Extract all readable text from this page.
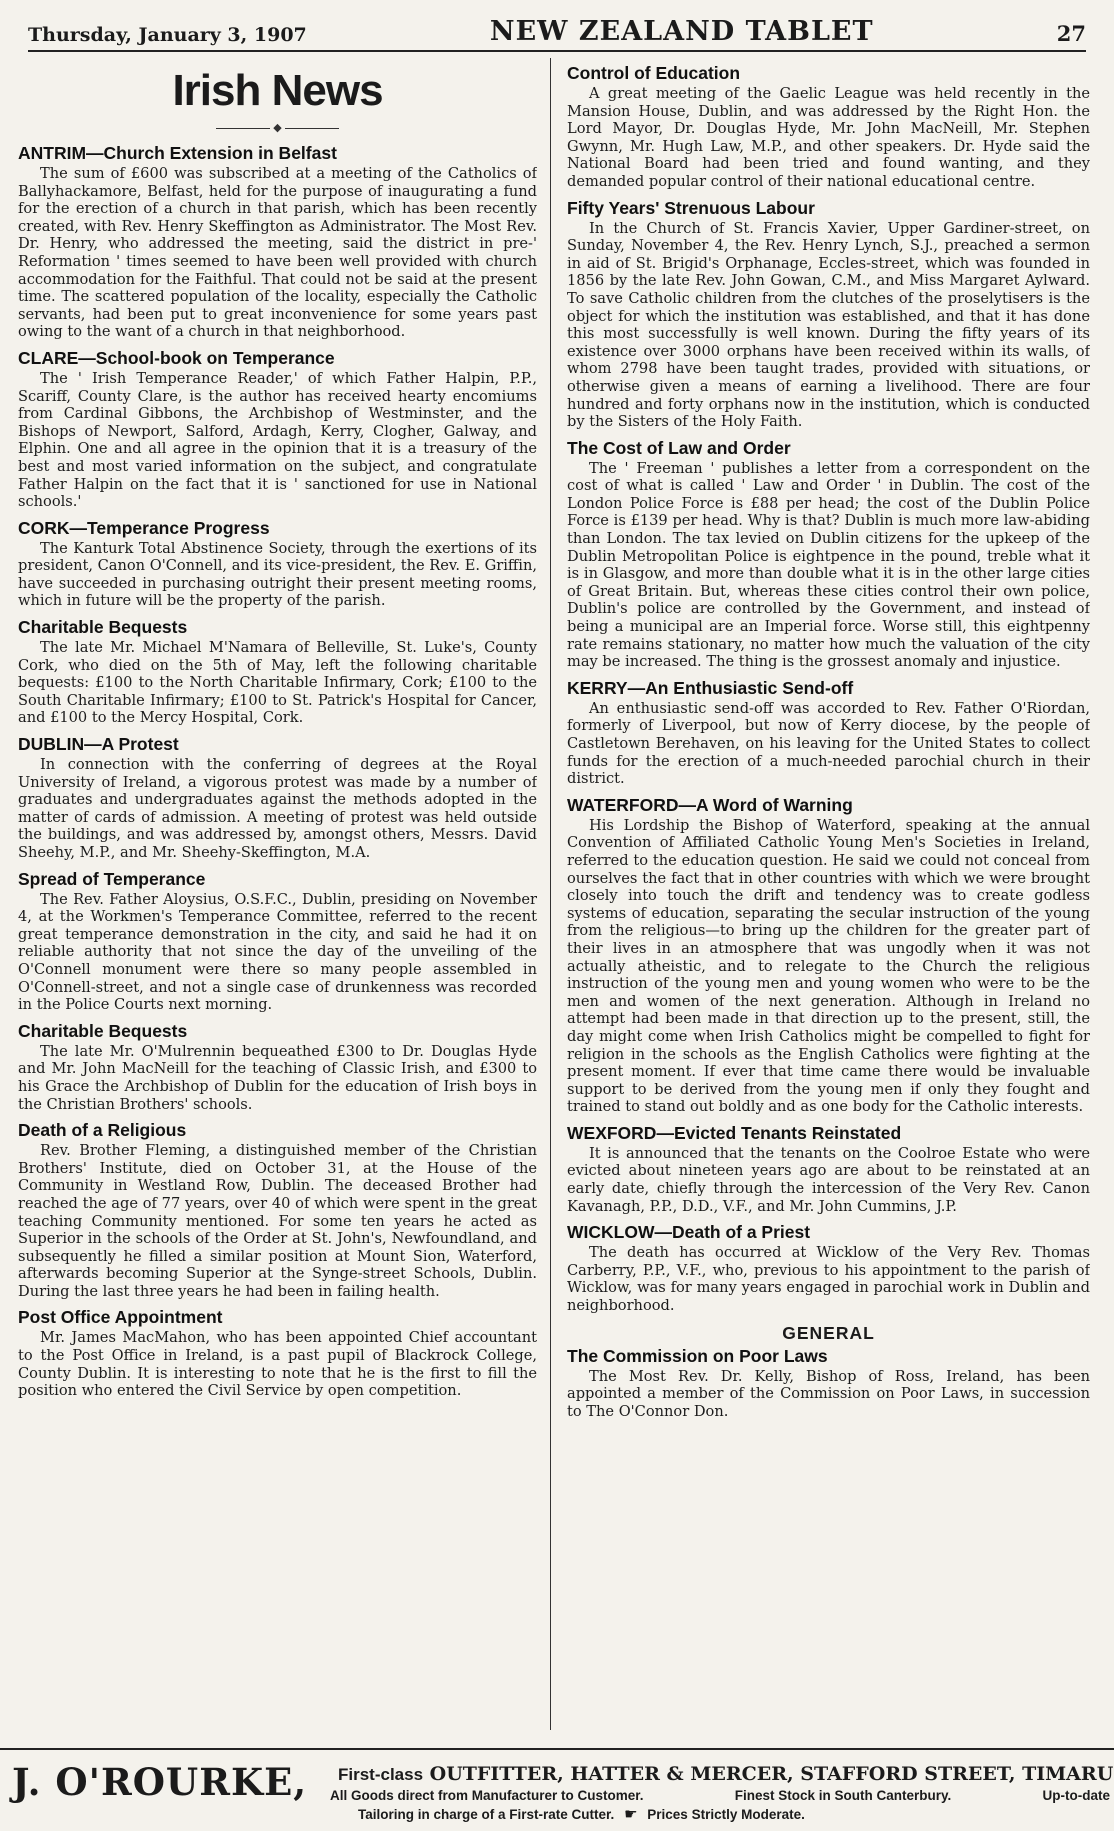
Thursday, January 3, 1907	NEW ZEALAND TABLET	27
Irish News
◆
ANTRIM—Church Extension in Belfast

The sum of £600 was subscribed at a meeting of the Catholics of Ballyhackamore, Belfast, held for the purpose of inaugurating a fund for the erection of a church in that parish, which has been recently created, with Rev. Henry Skeffington as Administrator. The Most Rev. Dr. Henry, who addressed the meeting, said the district in pre-' Reformation ' times seemed to have been well provided with church accommodation for the Faithful. That could not be said at the present time. The scattered population of the locality, especially the Catholic servants, had been put to great inconvenience for some years past owing to the want of a church in that neighborhood.

CLARE—School-book on Temperance

The ' Irish Temperance Reader,' of which Father Halpin, P.P., Scariff, County Clare, is the author has received hearty encomiums from Cardinal Gibbons, the Archbishop of Westminster, and the Bishops of Newport, Salford, Ardagh, Kerry, Clogher, Galway, and Elphin. One and all agree in the opinion that it is a treasury of the best and most varied information on the subject, and congratulate Father Halpin on the fact that it is ' sanctioned for use in National schools.'

CORK—Temperance Progress

The Kanturk Total Abstinence Society, through the exertions of its president, Canon O'Connell, and its vice-president, the Rev. E. Griffin, have succeeded in purchasing outright their present meeting rooms, which in future will be the property of the parish.

Charitable Bequests

The late Mr. Michael M'Namara of Belleville, St. Luke's, County Cork, who died on the 5th of May, left the following charitable bequests: £100 to the North Charitable Infirmary, Cork; £100 to the South Charitable Infirmary; £100 to St. Patrick's Hospital for Cancer, and £100 to the Mercy Hospital, Cork.

DUBLIN—A Protest

In connection with the conferring of degrees at the Royal University of Ireland, a vigorous protest was made by a number of graduates and undergraduates against the methods adopted in the matter of cards of admission. A meeting of protest was held outside the buildings, and was addressed by, amongst others, Messrs. David Sheehy, M.P., and Mr. Sheehy-Skeffington, M.A.

Spread of Temperance

The Rev. Father Aloysius, O.S.F.C., Dublin, presiding on November 4, at the Workmen's Temperance Committee, referred to the recent great temperance demonstration in the city, and said he had it on reliable authority that not since the day of the unveiling of the O'Connell monument were there so many people assembled in O'Connell-street, and not a single case of drunkenness was recorded in the Police Courts next morning.

Charitable Bequests

The late Mr. O'Mulrennin bequeathed £300 to Dr. Douglas Hyde and Mr. John MacNeill for the teaching of Classic Irish, and £300 to his Grace the Archbishop of Dublin for the education of Irish boys in the Christian Brothers' schools.

Death of a Religious

Rev. Brother Fleming, a distinguished member of the Christian Brothers' Institute, died on October 31, at the House of the Community in Westland Row, Dublin. The deceased Brother had reached the age of 77 years, over 40 of which were spent in the great teaching Community mentioned. For some ten years he acted as Superior in the schools of the Order at St. John's, Newfoundland, and subsequently he filled a similar position at Mount Sion, Waterford, afterwards becoming Superior at the Synge-street Schools, Dublin. During the last three years he had been in failing health.

Post Office Appointment

Mr. James MacMahon, who has been appointed Chief accountant to the Post Office in Ireland, is a past pupil of Blackrock College, County Dublin. It is interesting to note that he is the first to fill the position who entered the Civil Service by open competition.

Control of Education

A great meeting of the Gaelic League was held recently in the Mansion House, Dublin, and was addressed by the Right Hon. the Lord Mayor, Dr. Douglas Hyde, Mr. John MacNeill, Mr. Stephen Gwynn, Mr. Hugh Law, M.P., and other speakers. Dr. Hyde said the National Board had been tried and found wanting, and they demanded popular control of their national educational centre.

Fifty Years' Strenuous Labour

In the Church of St. Francis Xavier, Upper Gardiner-street, on Sunday, November 4, the Rev. Henry Lynch, S.J., preached a sermon in aid of St. Brigid's Orphanage, Eccles-street, which was founded in 1856 by the late Rev. John Gowan, C.M., and Miss Margaret Aylward. To save Catholic children from the clutches of the proselytisers is the object for which the institution was established, and that it has done this most successfully is well known. During the fifty years of its existence over 3000 orphans have been received within its walls, of whom 2798 have been taught trades, provided with situations, or otherwise given a means of earning a livelihood. There are four hundred and forty orphans now in the institution, which is conducted by the Sisters of the Holy Faith.

The Cost of Law and Order

The ' Freeman ' publishes a letter from a correspondent on the cost of what is called ' Law and Order ' in Dublin. The cost of the London Police Force is £88 per head; the cost of the Dublin Police Force is £139 per head. Why is that? Dublin is much more law-abiding than London. The tax levied on Dublin citizens for the upkeep of the Dublin Metropolitan Police is eightpence in the pound, treble what it is in Glasgow, and more than double what it is in the other large cities of Great Britain. But, whereas these cities control their own police, Dublin's police are controlled by the Government, and instead of being a municipal are an Imperial force. Worse still, this eightpenny rate remains stationary, no matter how much the valuation of the city may be increased. The thing is the grossest anomaly and injustice.

KERRY—An Enthusiastic Send-off

An enthusiastic send-off was accorded to Rev. Father O'Riordan, formerly of Liverpool, but now of Kerry diocese, by the people of Castletown Berehaven, on his leaving for the United States to collect funds for the erection of a much-needed parochial church in their district.

WATERFORD—A Word of Warning

His Lordship the Bishop of Waterford, speaking at the annual Convention of Affiliated Catholic Young Men's Societies in Ireland, referred to the education question. He said we could not conceal from ourselves the fact that in other countries with which we were brought closely into touch the drift and tendency was to create godless systems of education, separating the secular instruction of the young from the religious—to bring up the children for the greater part of their lives in an atmosphere that was ungodly when it was not actually atheistic, and to relegate to the Church the religious instruction of the young men and young women who were to be the men and women of the next generation. Although in Ireland no attempt had been made in that direction up to the present, still, the day might come when Irish Catholics might be compelled to fight for religion in the schools as the English Catholics were fighting at the present moment. If ever that time came there would be invaluable support to be derived from the young men if only they fought and trained to stand out boldly and as one body for the Catholic interests.

WEXFORD—Evicted Tenants Reinstated

It is announced that the tenants on the Coolroe Estate who were evicted about nineteen years ago are about to be reinstated at an early date, chiefly through the intercession of the Very Rev. Canon Kavanagh, P.P., D.D., V.F., and Mr. John Cummins, J.P.

WICKLOW—Death of a Priest

The death has occurred at Wicklow of the Very Rev. Thomas Carberry, P.P., V.F., who, previous to his appointment to the parish of Wicklow, was for many years engaged in parochial work in Dublin and neighborhood.

GENERAL
The Commission on Poor Laws

The Most Rev. Dr. Kelly, Bishop of Ross, Ireland, has been appointed a member of the Commission on Poor Laws, in succession to The O'Connor Don.

J. O'ROURKE, First-class OUTFITTER, HATTER & MERCER, STAFFORD STREET, TIMARU
All Goods direct from Manufacturer to Customer.	Finest Stock in South Canterbury.	Up-to-date
Tailoring in charge of a First-rate Cutter. ☛ Prices Strictly Moderate.
